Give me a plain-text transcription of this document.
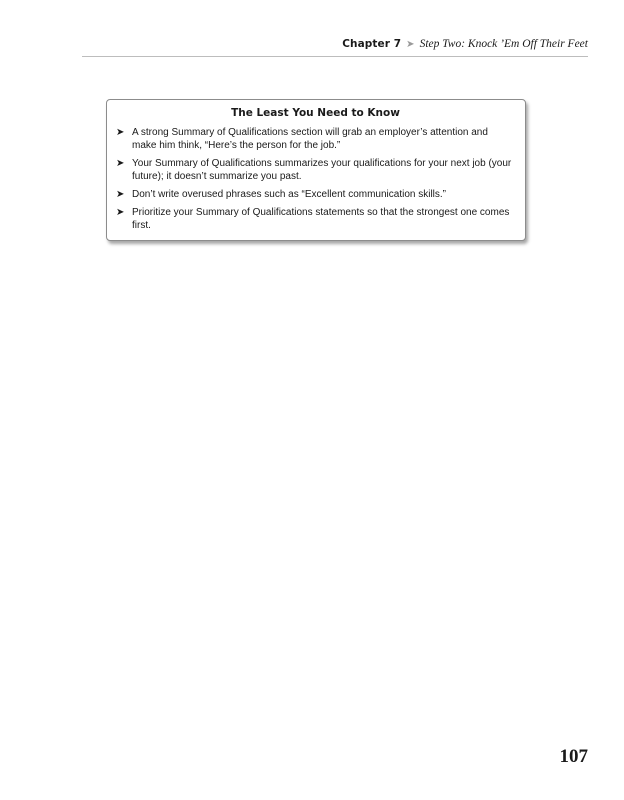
Chapter 7 ➤ Step Two: Knock ’Em Off Their Feet
The Least You Need to Know
➤ A strong Summary of Qualifications section will grab an employer’s attention and make him think, “Here’s the person for the job.”
➤ Your Summary of Qualifications summarizes your qualifications for your next job (your future); it doesn’t summarize you past.
➤ Don’t write overused phrases such as “Excellent communication skills.”
➤ Prioritize your Summary of Qualifications statements so that the strongest one comes first.
107
